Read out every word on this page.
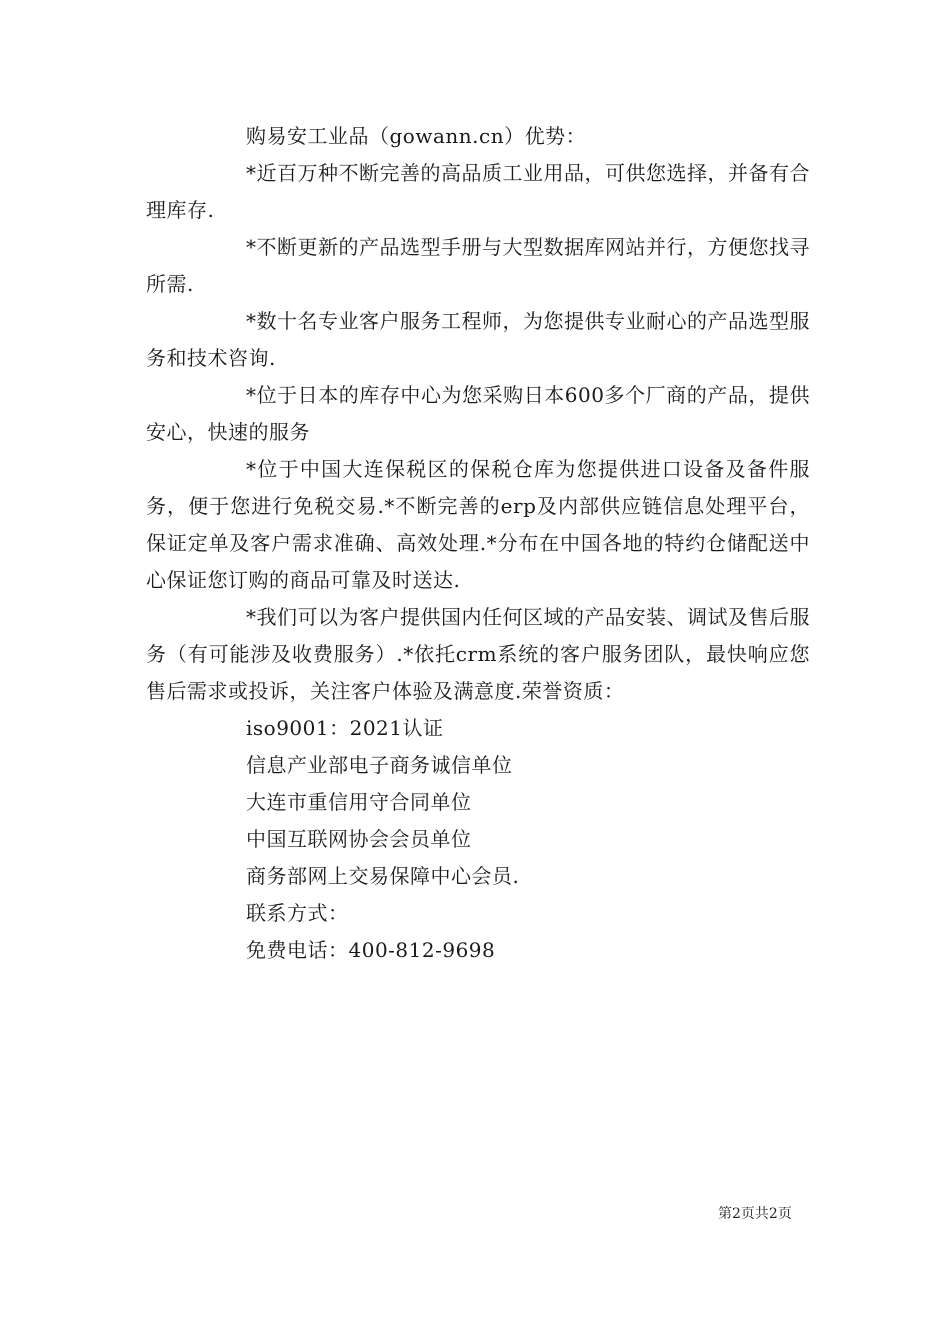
购易安工业品（gowann.cn）优势：

*近百万种不断完善的高品质工业用品，可供您选择，并备有合理库存.

*不断更新的产品选型手册与大型数据库网站并行，方便您找寻所需.

*数十名专业客户服务工程师，为您提供专业耐心的产品选型服务和技术咨询.

*位于日本的库存中心为您采购日本600多个厂商的产品，提供安心，快速的服务

*位于中国大连保税区的保税仓库为您提供进口设备及备件服务，便于您进行免税交易.*不断完善的erp及内部供应链信息处理平台，保证定单及客户需求准确、高效处理.*分布在中国各地的特约仓储配送中心保证您订购的商品可靠及时送达.

*我们可以为客户提供国内任何区域的产品安装、调试及售后服务（有可能涉及收费服务）.*依托crm系统的客户服务团队，最快响应您售后需求或投诉，关注客户体验及满意度.荣誉资质：

iso9001：2021认证
信息产业部电子商务诚信单位
大连市重信用守合同单位
中国互联网协会会员单位
商务部网上交易保障中心会员.
联系方式：
免费电话：400-812-9698
第2页共2页
